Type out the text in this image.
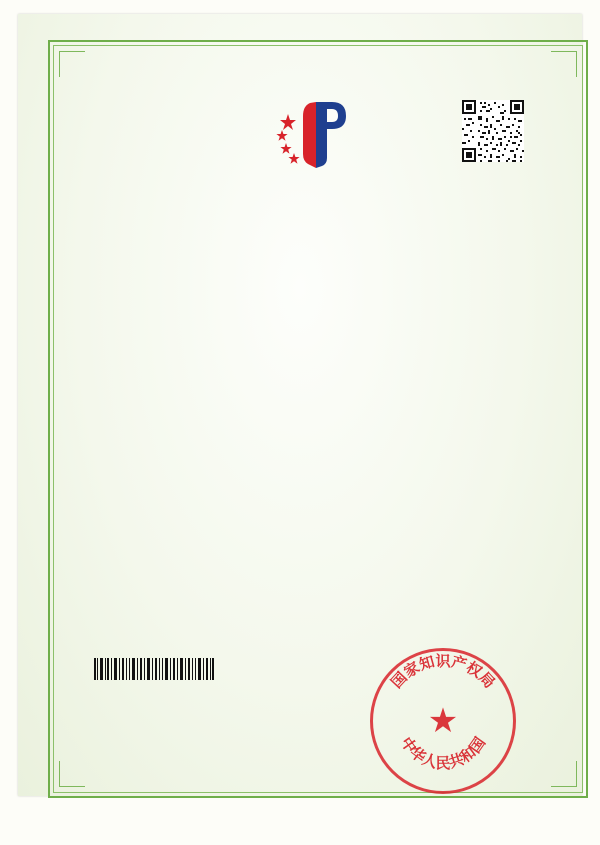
★
国家知识产权局
中华人民共和国
